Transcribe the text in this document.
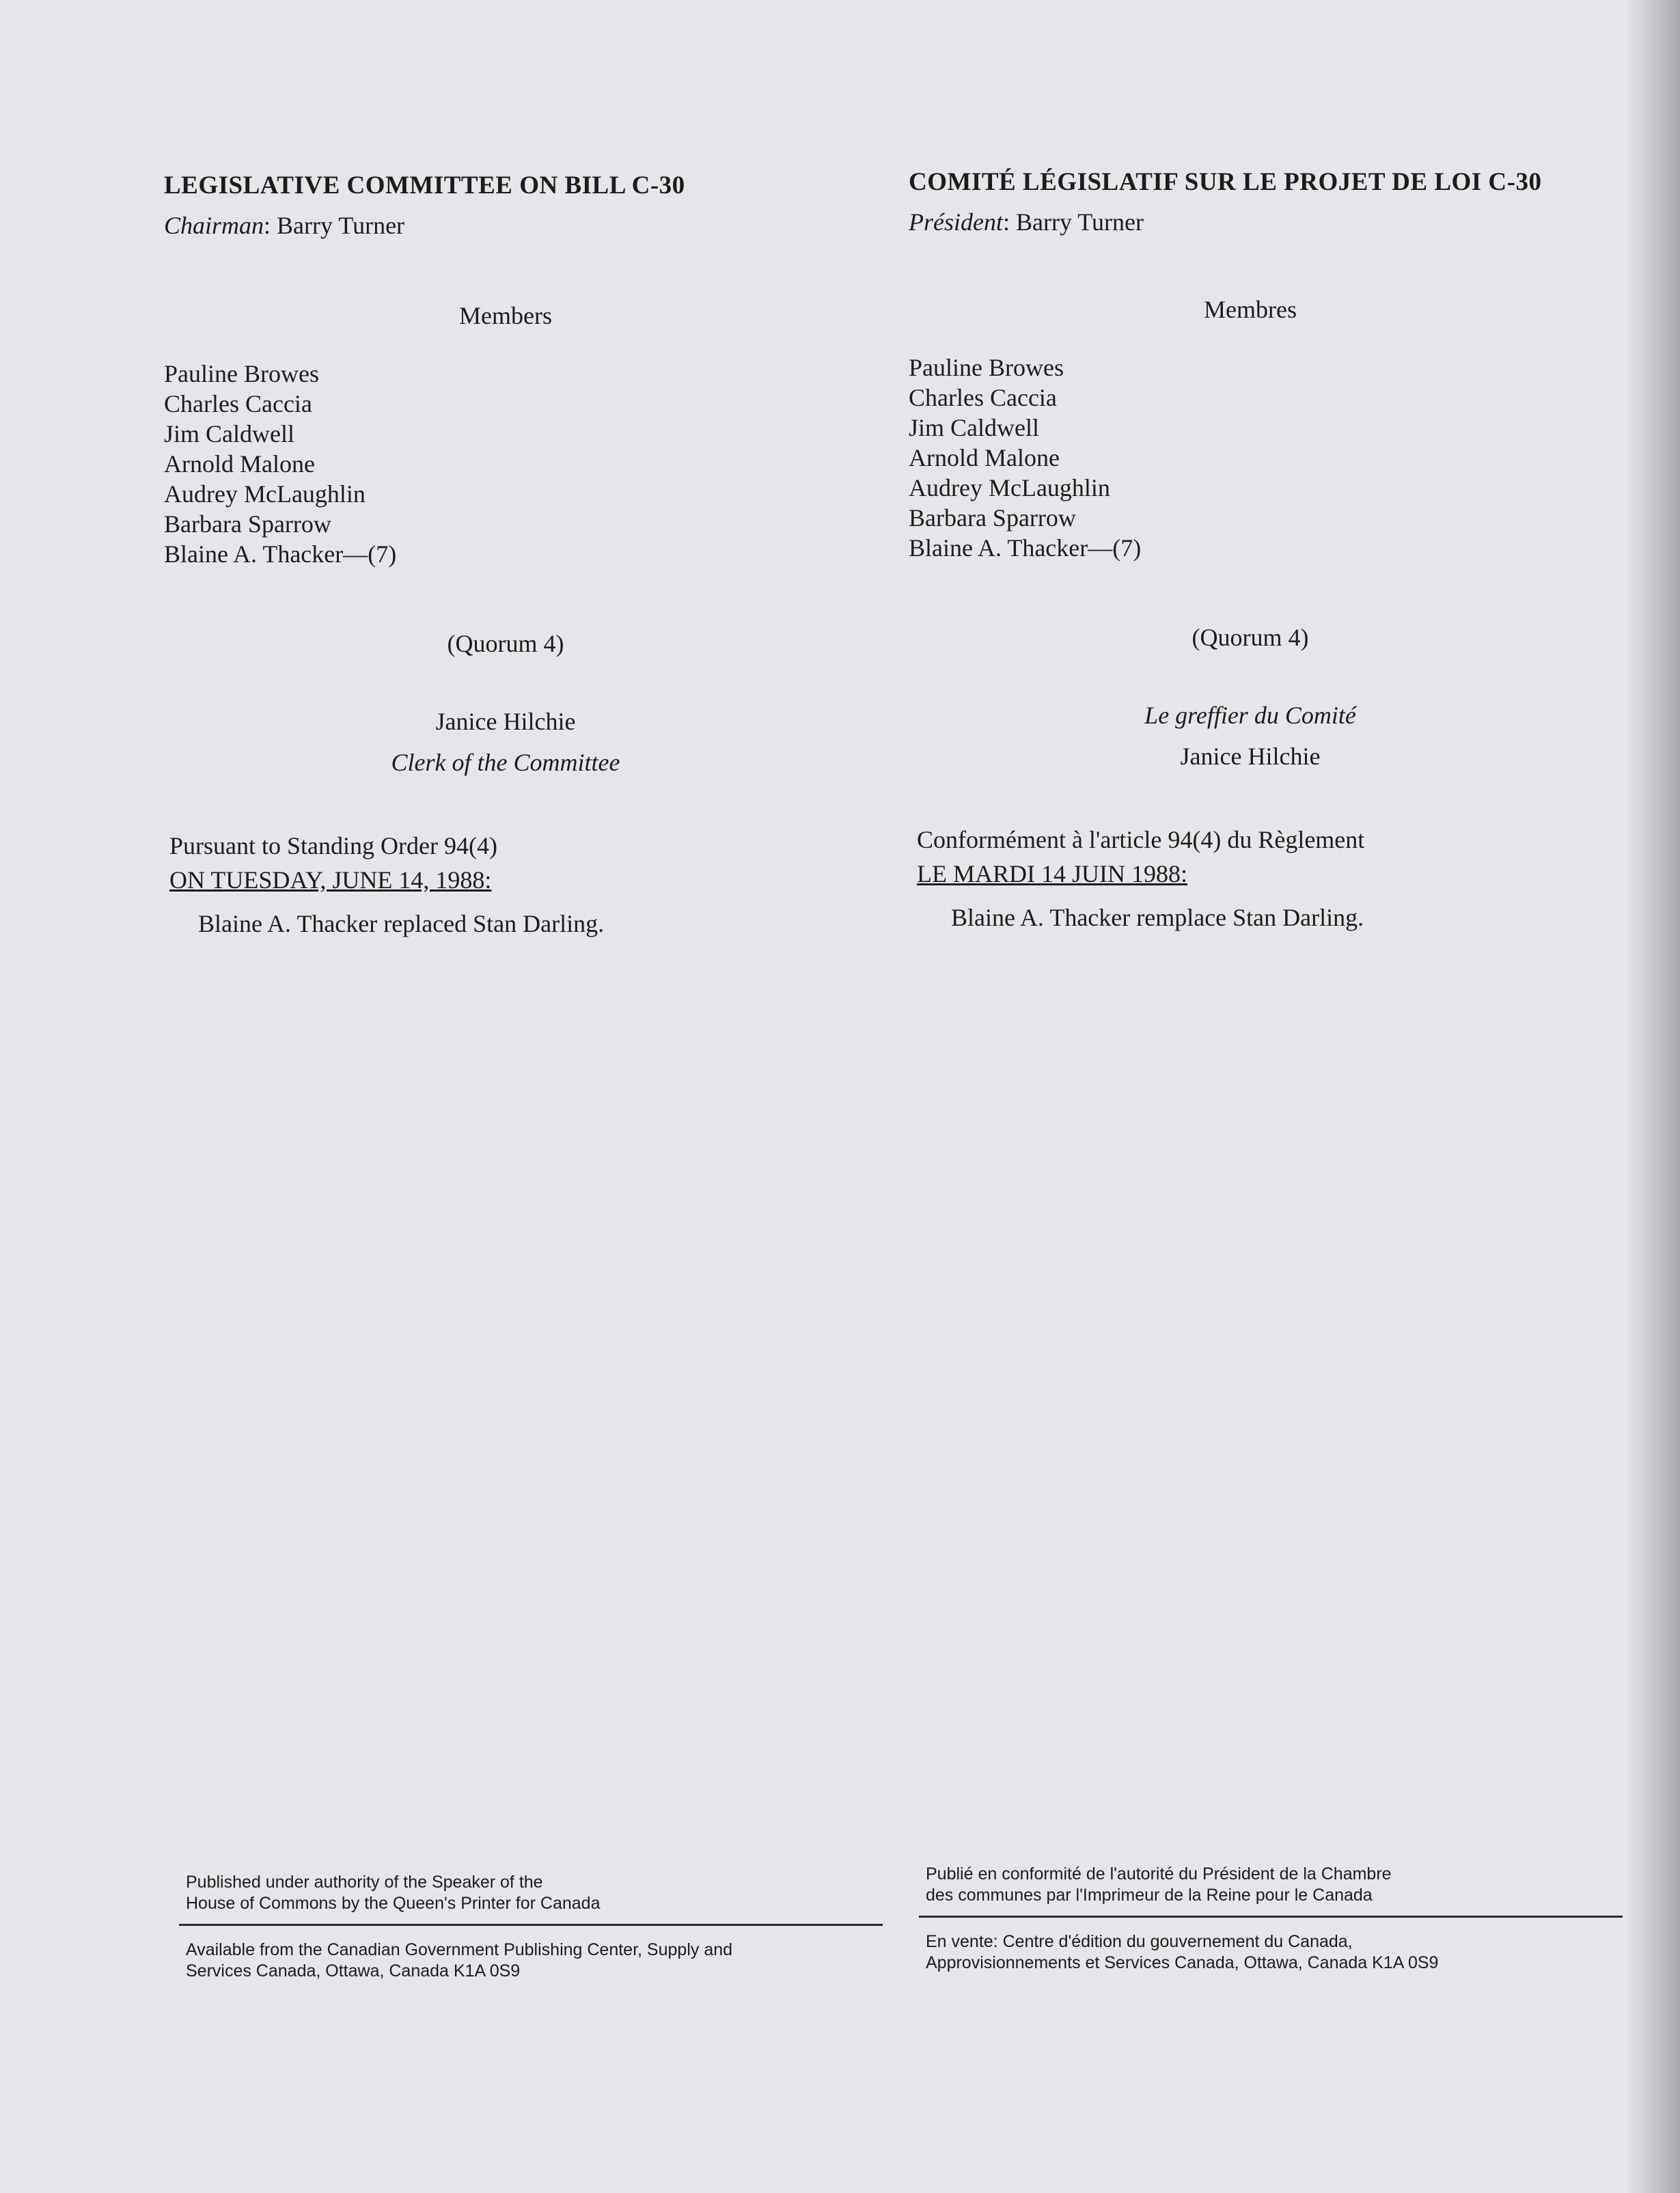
LEGISLATIVE COMMITTEE ON BILL C-30

Chairman: Barry Turner

Members
Pauline Browes
Charles Caccia
Jim Caldwell
Arnold Malone
Audrey McLaughlin
Barbara Sparrow
Blaine A. Thacker—(7)
(Quorum 4)
Janice Hilchie
Clerk of the Committee
Pursuant to Standing Order 94(4)
ON TUESDAY, JUNE 14, 1988:
Blaine A. Thacker replaced Stan Darling.
COMITÉ LÉGISLATIF SUR LE PROJET DE LOI C-30

Président: Barry Turner

Membres
Pauline Browes
Charles Caccia
Jim Caldwell
Arnold Malone
Audrey McLaughlin
Barbara Sparrow
Blaine A. Thacker—(7)
(Quorum 4)
Le greffier du Comité
Janice Hilchie
Conformément à l'article 94(4) du Règlement
LE MARDI 14 JUIN 1988:
Blaine A. Thacker remplace Stan Darling.
Published under authority of the Speaker of the
House of Commons by the Queen's Printer for Canada
Available from the Canadian Government Publishing Center, Supply and
Services Canada, Ottawa, Canada K1A 0S9
Publié en conformité de l'autorité du Président de la Chambre
des communes par l'Imprimeur de la Reine pour le Canada
En vente: Centre d'édition du gouvernement du Canada,
Approvisionnements et Services Canada, Ottawa, Canada K1A 0S9
